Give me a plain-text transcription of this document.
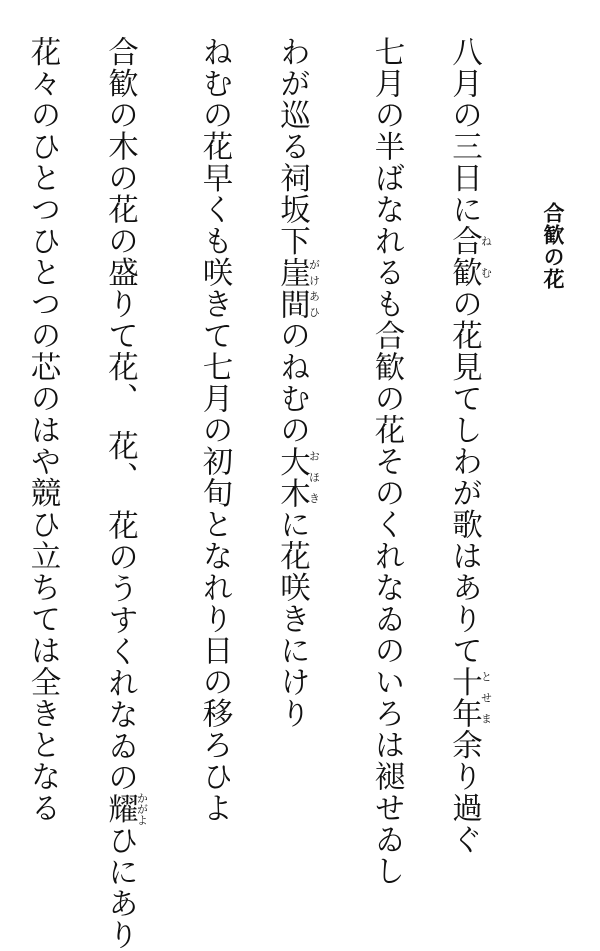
合歓の花
八月の三日に合歓ねむの花見てしわが歌はありて十年とせま余り過ぐ
七月の半ばなれるも合歓の花そのくれなゐのいろは褪せゐし
わが巡る祠坂下崖間がけあひのねむの大木おほきに花咲きにけり
ねむの花早くも咲きて七月の初旬となれり日の移ろひよ
合歓の木の花の盛りて花、　花、　花のうすくれなゐの耀かがよひにあり
花々のひとつひとつの芯のはや競ひ立ちては全きとなる
